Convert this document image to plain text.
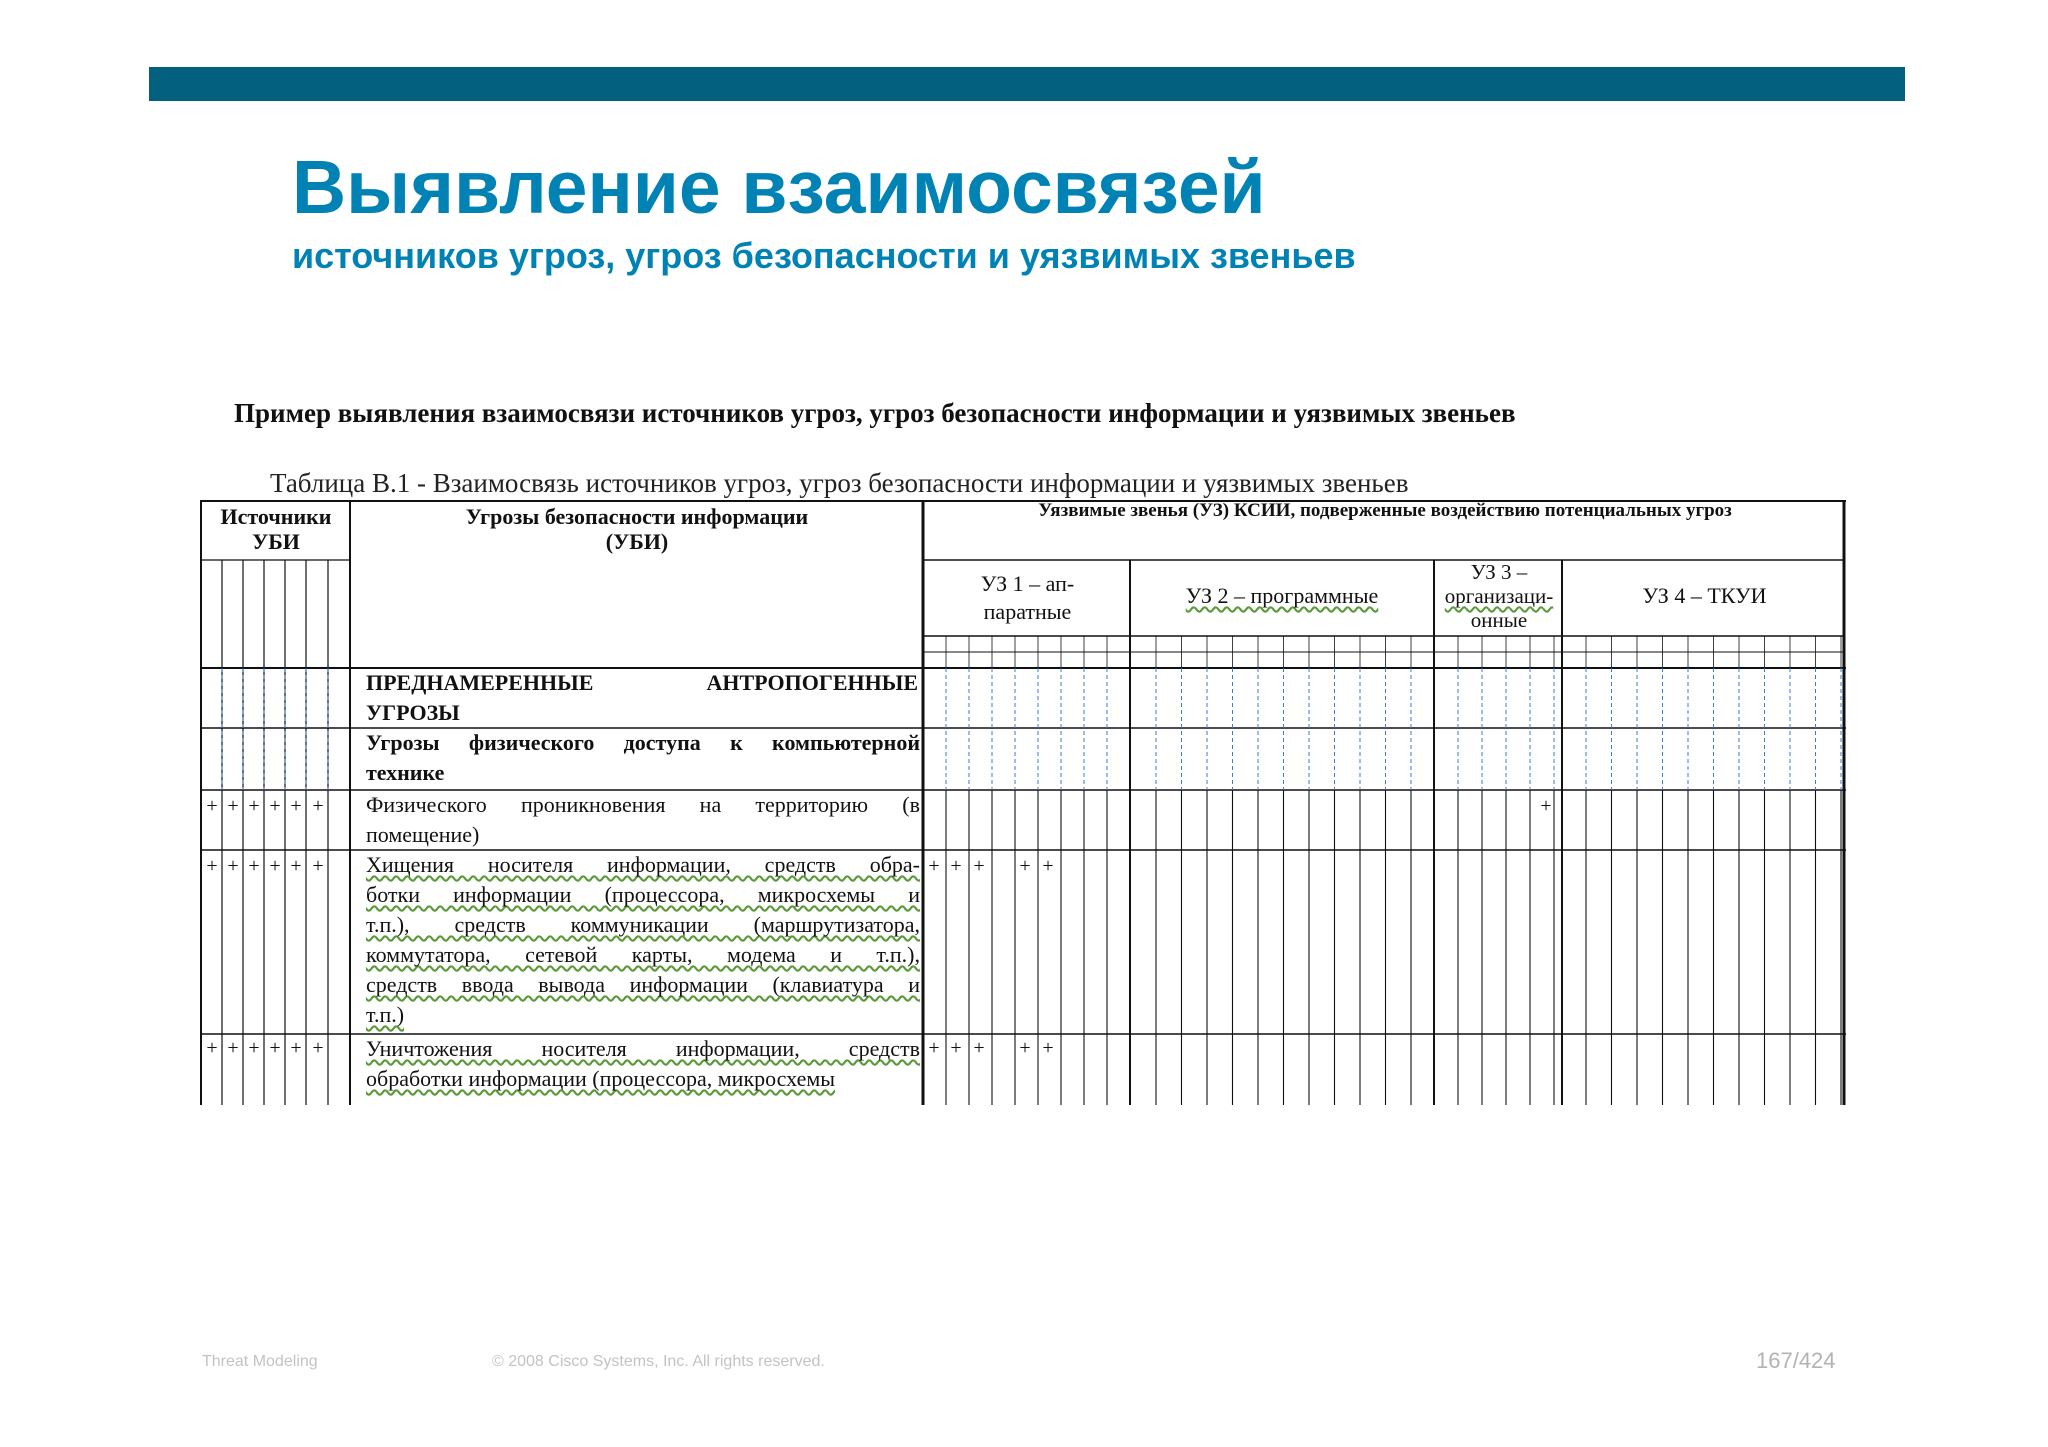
Выявление взаимосвязей
источников угроз, угроз безопасности и уязвимых звеньев
Пример выявления взаимосвязи источников угроз, угроз безопасности информации и уязвимых звеньев
Таблица В.1 - Взаимосвязь источников угроз, угроз безопасности информации и уязвимых звеньев
Источники
УБИ
Угрозы безопасности информации
(УБИ)
Уязвимые звенья (УЗ) КСИИ, подверженные воздействию потенциальных угроз
УЗ 1 – ап-
паратные
УЗ 2 – программные
УЗ 3 –
организаци-
онные
УЗ 4 – ТКУИ
ПРЕДНАМЕРЕННЫЕ АНТРОПОГЕННЫЕ
УГРОЗЫ
Угрозы физического доступа к компьютерной
технике
Физического проникновения на территорию (в
помещение)
Хищения носителя информации, средств обра-
ботки информации (процессора, микросхемы и
т.п.), средств коммуникации (маршрутизатора,
коммутатора, сетевой карты, модема и т.п.),
средств ввода вывода информации (клавиатура и
т.п.)
Уничтожения носителя информации, средств
обработки информации (процессора, микросхемы
+ + + + + +
+ + + + + +
+ + + + + +
+
+ + + + +
+ + + + +
Threat Modeling	© 2008 Cisco Systems, Inc. All rights reserved.	167/424
